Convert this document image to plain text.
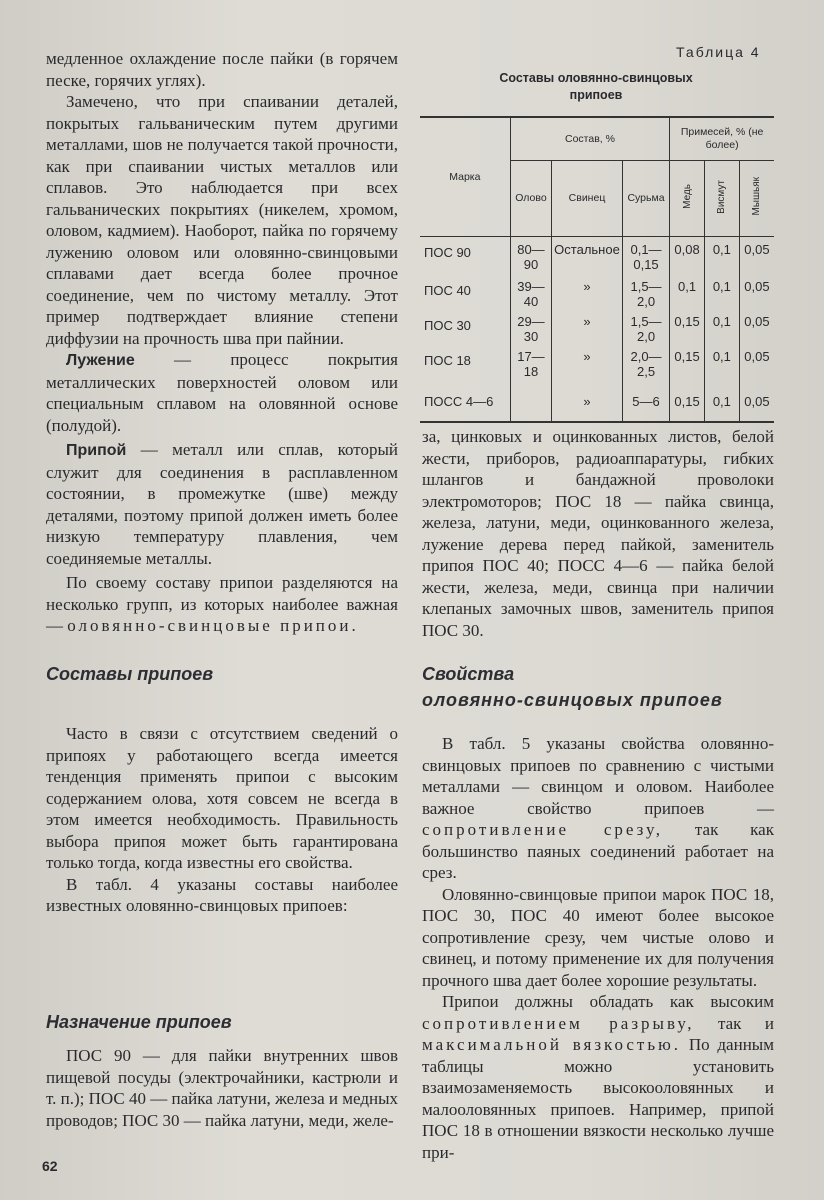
медленное охлаждение после пайки (в горячем песке, горячих углях).

Замечено, что при спаивании деталей, покрытых гальваническим путем другими металлами, шов не получается такой прочности, как при спаивании чистых металлов или сплавов. Это наблюдается при всех гальванических покрытиях (никелем, хромом, оловом, кадмием). Наоборот, пайка по горячему лужению оловом или оловянно-свинцовыми сплавами дает всегда более прочное соединение, чем по чистому металлу. Этот пример подтверждает влияние степени диффузии на прочность шва при пайнии.

Лужение — процесс покрытия металлических поверхностей оловом или специальным сплавом на оловянной основе (полудой).

Припой — металл или сплав, который служит для соединения в расплавленном состоянии, в промежутке (шве) между деталями, поэтому припой должен иметь более низкую температуру плавления, чем соединяемые металлы.

По своему составу припои разделяются на несколько групп, из которых наиболее важная — оловянно-свинцовые припои.

Составы припоев

Часто в связи с отсутствием сведений о припоях у работающего всегда имеется тенденция применять припои с высоким содержанием олова, хотя совсем не всегда в этом имеется необходимость. Правильность выбора припоя может быть гарантирована только тогда, когда известны его свойства.

В табл. 4 указаны составы наиболее известных оловянно-свинцовых припоев:

Назначение припоев

ПОС 90 — для пайки внутренних швов пищевой посуды (электрочайники, кастрюли и т. п.); ПОС 40 — пайка латуни, железа и медных проводов; ПОС 30 — пайка латуни, меди, желе-

Таблица 4
Составы оловянно-свинцовых припоев
Марка	Состав, %			Примесей, % (не более)		
	Олово	Свинец	Сурьма	Медь	Висмут	Мышьяк
ПОС 90	80—90	Остальное	0,1—0,15	0,08	0,1	0,05
ПОС 40	39—40	»	1,5—2,0	0,1	0,1	0,05
ПОС 30	29—30	»	1,5—2,0	0,15	0,1	0,05
ПОС 18	17—18	»	2,0—2,5	0,15	0,1	0,05
ПОСС 4—6		»	5—6	0,15	0,1	0,05

за, цинковых и оцинкованных листов, белой жести, приборов, радиоаппаратуры, гибких шлангов и бандажной проволоки электромоторов; ПОС 18 — пайка свинца, железа, латуни, меди, оцинкованного железа, лужение дерева перед пайкой, заменитель припоя ПОС 40; ПОСС 4—6 — пайка белой жести, железа, меди, свинца при наличии клепаных замочных швов, заменитель припоя ПОС 30.

Свойства
оловянно-свинцовых припоев

В табл. 5 указаны свойства оловянно-свинцовых припоев по сравнению с чистыми металлами — свинцом и оловом. Наиболее важное свойство припоев — сопротивление срезу, так как большинство паяных соединений работает на срез.

Оловянно-свинцовые припои марок ПОС 18, ПОС 30, ПОС 40 имеют более высокое сопротивление срезу, чем чистые олово и свинец, и потому применение их для получения прочного шва дает более хорошие результаты.

Припои должны обладать как высоким сопротивлением разрыву, так и максимальной вязкостью. По данным таблицы можно установить взаимозаменяемость высокооловянных и малооловянных припоев. Например, припой ПОС 18 в отношении вязкости несколько лучше при-

62
